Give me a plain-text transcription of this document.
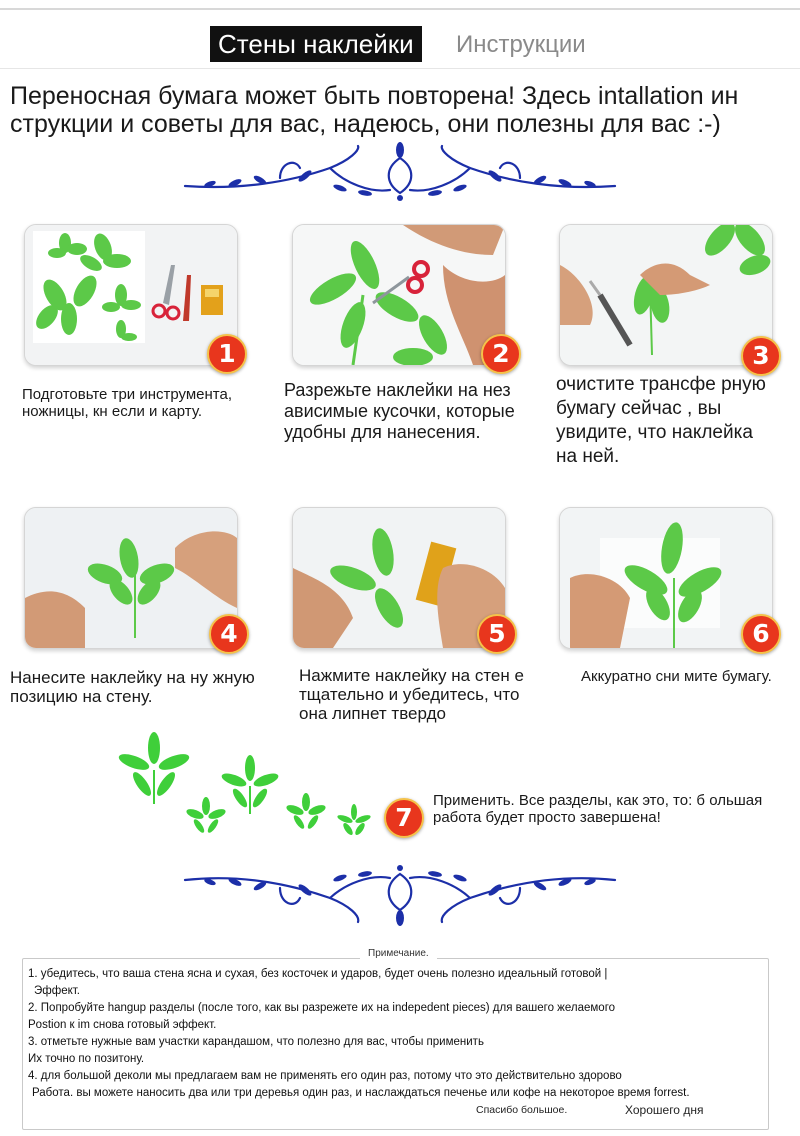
Стены наклейки	Инструкции
Переносная бумага может быть повторена! Здесь intallation ин струкции и советы для вас, надеюсь, они полезны для вас :-)
1
Подготовьте три инструмента, ножницы, кн если и карту.
2
Разрежьте наклейки на нез ависимые кусочки, которые удобны для нанесения.
3
очистите трансфе рную бумагу сейчас , вы увидите, что наклейка на ней.
4
Нанесите наклейку на ну жную позицию на стену.
5
Нажмите наклейку на стен е тщательно и убедитесь, что она липнет твердо
6
Аккуратно сни мите бумагу.
7
Применить. Все разделы, как это, то: б ольшая работа будет просто завершена!
Примечание.
1. убедитесь, что ваша стена ясна и сухая, без косточек и ударов, будет очень полезно идеальный готовой |
Эффект.
2. Попробуйте hangup разделы (после того, как вы разрежете их на indepedent pieces) для вашего желаемого
Postion к im снова готовый эффект.
3. отметьте нужные вам участки карандашом, что полезно для вас, чтобы применить
Их точно по позитону.
4. для большой деколи мы предлагаем вам не применять его один раз, потому что это действительно здорово
Работа. вы можете наносить два или три деревья один раз, и наслаждаться печенье или кофе на некоторое время forrest.
Спасибо большое.	Хорошего дня
